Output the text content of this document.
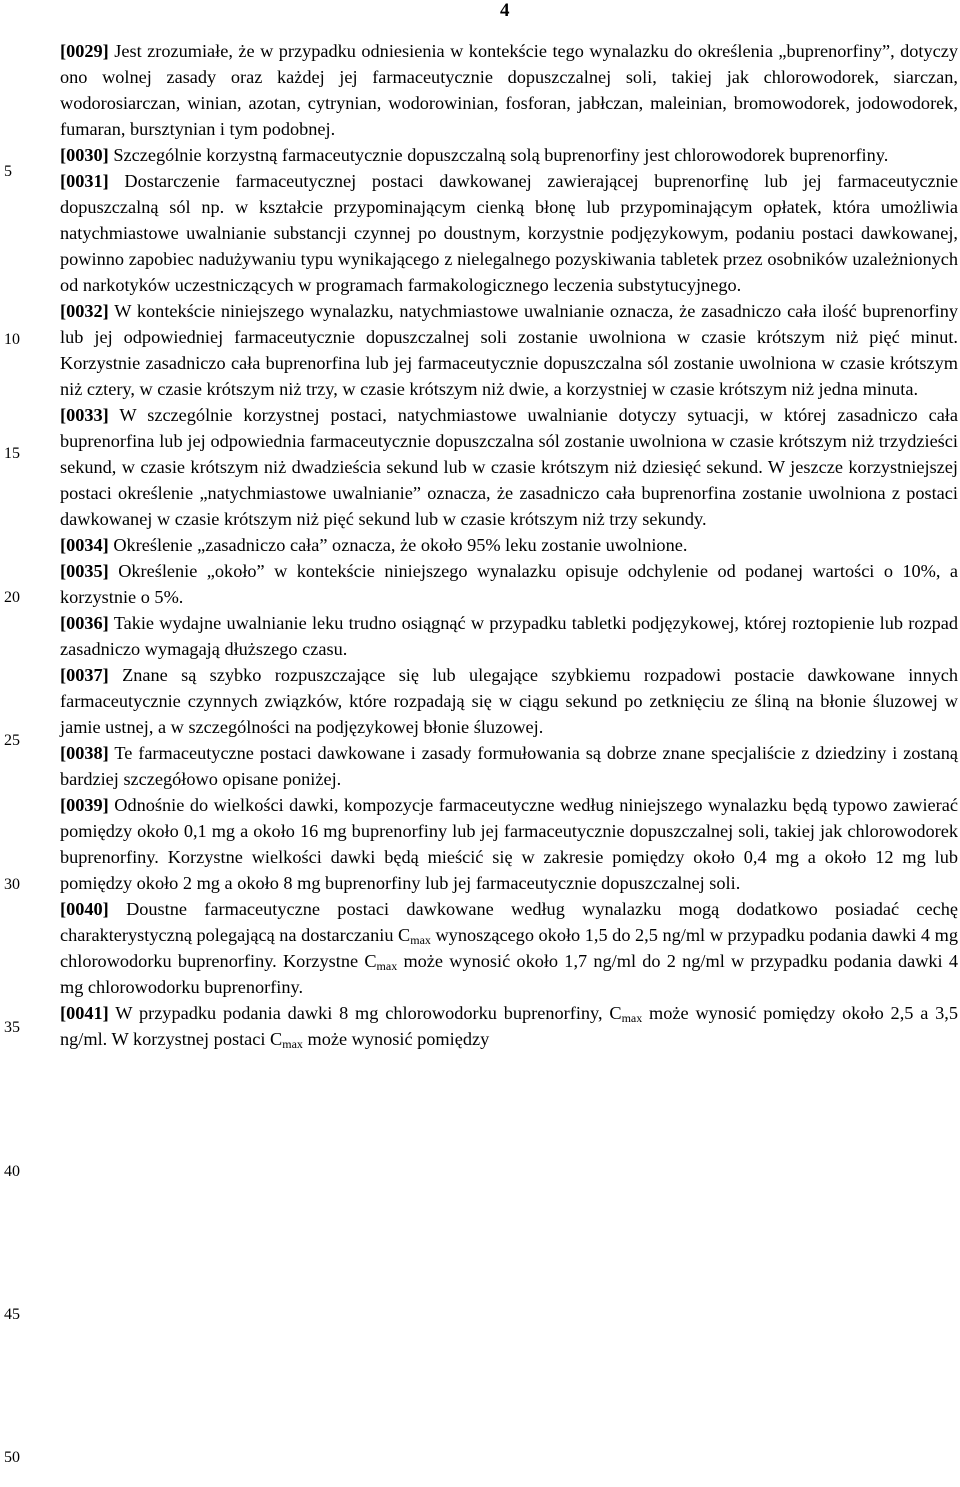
4
5
10
15
20
25
30
35
40
45
50

[0029] Jest zrozumiałe, że w przypadku odniesienia w kontekście tego wynalazku do określenia „buprenorfiny”, dotyczy ono wolnej zasady oraz każdej jej farmaceutycznie dopuszczalnej soli, takiej jak chlorowodorek, siarczan, wodorosiarczan, winian, azotan, cytrynian, wodorowinian, fosforan, jabłczan, maleinian, bromowodorek, jodowodorek, fumaran, bursztynian i tym podobnej.

[0030] Szczególnie korzystną farmaceutycznie dopuszczalną solą buprenorfiny jest chlorowodorek buprenorfiny.

[0031] Dostarczenie farmaceutycznej postaci dawkowanej zawierającej buprenorfinę lub jej farmaceutycznie dopuszczalną sól np. w kształcie przypominającym cienką błonę lub przypominającym opłatek, która umożliwia natychmiastowe uwalnianie substancji czynnej po doustnym, korzystnie podjęzykowym, podaniu postaci dawkowanej, powinno zapobiec nadużywaniu typu wynikającego z nielegalnego pozyskiwania tabletek przez osobników uzależnionych od narkotyków uczestniczących w programach farmakologicznego leczenia substytucyjnego.

[0032] W kontekście niniejszego wynalazku, natychmiastowe uwalnianie oznacza, że zasadniczo cała ilość buprenorfiny lub jej odpowiedniej farmaceutycznie dopuszczalnej soli zostanie uwolniona w czasie krótszym niż pięć minut. Korzystnie zasadniczo cała buprenorfina lub jej farmaceutycznie dopuszczalna sól zostanie uwolniona w czasie krótszym niż cztery, w czasie krótszym niż trzy, w czasie krótszym niż dwie, a korzystniej w czasie krótszym niż jedna minuta.

[0033] W szczególnie korzystnej postaci, natychmiastowe uwalnianie dotyczy sytuacji, w której zasadniczo cała buprenorfina lub jej odpowiednia farmaceutycznie dopuszczalna sól zostanie uwolniona w czasie krótszym niż trzydzieści sekund, w czasie krótszym niż dwadzieścia sekund lub w czasie krótszym niż dziesięć sekund. W jeszcze korzystniejszej postaci określenie „natychmiastowe uwalnianie” oznacza, że zasadniczo cała buprenorfina zostanie uwolniona z postaci dawkowanej w czasie krótszym niż pięć sekund lub w czasie krótszym niż trzy sekundy.

[0034] Określenie „zasadniczo cała” oznacza, że około 95% leku zostanie uwolnione.

[0035] Określenie „około” w kontekście niniejszego wynalazku opisuje odchylenie od podanej wartości o 10%, a korzystnie o 5%.

[0036] Takie wydajne uwalnianie leku trudno osiągnąć w przypadku tabletki podjęzykowej, której roztopienie lub rozpad zasadniczo wymagają dłuższego czasu.

[0037] Znane są szybko rozpuszczające się lub ulegające szybkiemu rozpadowi postacie dawkowane innych farmaceutycznie czynnych związków, które rozpadają się w ciągu sekund po zetknięciu ze śliną na błonie śluzowej w jamie ustnej, a w szczególności na podjęzykowej błonie śluzowej.

[0038] Te farmaceutyczne postaci dawkowane i zasady formułowania są dobrze znane specjaliście z dziedziny i zostaną bardziej szczegółowo opisane poniżej.

[0039] Odnośnie do wielkości dawki, kompozycje farmaceutyczne według niniejszego wynalazku będą typowo zawierać pomiędzy około 0,1 mg a około 16 mg buprenorfiny lub jej farmaceutycznie dopuszczalnej soli, takiej jak chlorowodorek buprenorfiny. Korzystne wielkości dawki będą mieścić się w zakresie pomiędzy około 0,4 mg a około 12 mg lub pomiędzy około 2 mg a około 8 mg buprenorfiny lub jej farmaceutycznie dopuszczalnej soli.

[0040] Doustne farmaceutyczne postaci dawkowane według wynalazku mogą dodatkowo posiadać cechę charakterystyczną polegającą na dostarczaniu $C_{max}$ wynoszącego około 1,5 do 2,5 ng/ml w przypadku podania dawki 4 mg chlorowodorku buprenorfiny. Korzystne $C_{max}$ może wynosić około 1,7 ng/ml do 2 ng/ml w przypadku podania dawki 4 mg chlorowodorku buprenorfiny.

[0041] W przypadku podania dawki 8 mg chlorowodorku buprenorfiny, $C_{max}$ może wynosić pomiędzy około 2,5 a 3,5 ng/ml. W korzystnej postaci $C_{max}$ może wynosić pomiędzy
